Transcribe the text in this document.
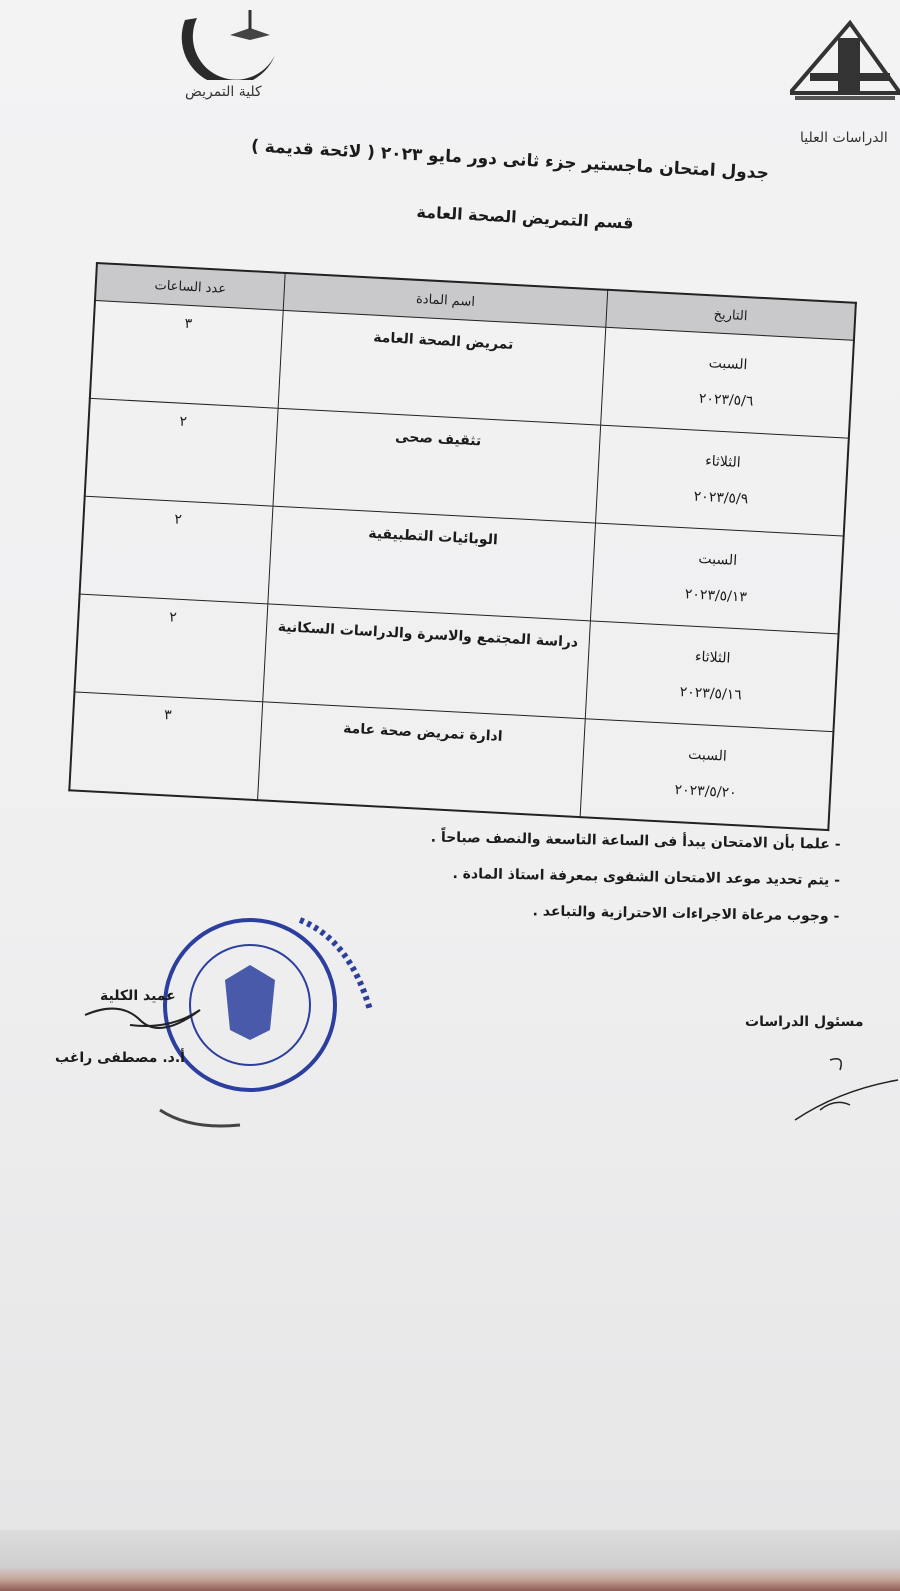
كلية التمريض
الدراسات العليا
جدول امتحان ماجستير جزء ثانى دور مايو ٢٠٢٣ ( لائحة قديمة )
قسم التمريض الصحة العامة
التاريخ	اسم المادة	عدد الساعات

السبت
٢٠٢٣/٥/٦	تمريض الصحة العامة	٣

الثلاثاء
٢٠٢٣/٥/٩	تثقيف صحى	٢

السبت
٢٠٢٣/٥/١٣	الوبائيات التطبيقية	٢

الثلاثاء
٢٠٢٣/٥/١٦	دراسة المجتمع والاسرة والدراسات السكانية	٢

السبت
٢٠٢٣/٥/٢٠	ادارة تمريض صحة عامة	٣
- علما بأن الامتحان يبدأ فى الساعة التاسعة والنصف صباحاً .
- يتم تحديد موعد الامتحان الشفوى بمعرفة استاذ المادة .
- وجوب مرعاة الاجراءات الاحترازية والتباعد .
عميد الكلية
أ.د. مصطفى راغب
مسئول الدراسات
